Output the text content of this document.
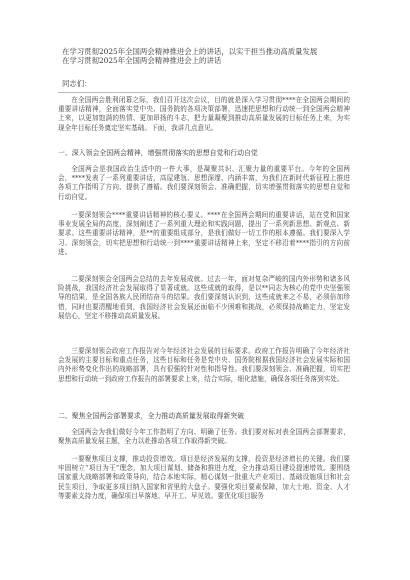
在学习贯彻2025年全国两会精神推进会上的讲话，以实干担当推动高质量发展
在学习贯彻2025年全国两会精神推进会上的讲话
同志们：
在全国两会胜利闭幕之际，我们召开这次会议，目的就是深入学习贯彻****在全国两会期间的重要讲话精神，全面落实党中央、国务院的各项决策部署，迅速把思想和行动统一到全国两会精神上来，以更加饱满的热情、更加昂扬的斗志，把力量凝聚到推动高质量发展的目标任务上来，为实现全年目标任务奠定坚实基础。下面，我讲几点意见。
一、深入领会全国两会精神，增强贯彻落实的思想自觉和行动自觉
全国两会是我国政治生活中的一件大事，是凝聚共识、汇聚力量的重要平台。今年的全国两会，****发表了一系列重要讲话，高屋建瓴、思想深邃、内涵丰富，为我们在新时代新征程上推进各项工作指明了方向、提供了遵循。我们要深刻领会、准确把握，切实增强贯彻落实的思想自觉和行动自觉。
一要深刻领会****重要讲话精神的核心要义。****在全国两会期间的重要讲话，站在党和国家事业发展全局的高度，深刻阐述了一系列重大理论和实践问题，提出了一系列新思想、新观点、新要求。这些重要讲话精神，是**的重要组成部分，是我们做好一切工作的根本遵循。我们要深入学习、深刻领会，切实把思想和行动统一到****重要讲话精神上来，坚定不移沿着****指引的方向前进。
二要深刻领会全国两会总结的去年发展成就。过去一年，面对复杂严峻的国内外形势和诸多风险挑战，我国经济社会发展取得了显著成就。这些成就的取得，是以**同志为核心的党中央坚强领导的结果，是全国各族人民团结奋斗的结果。我们要深刻认识到，这些成就来之不易，必须倍加珍惜，同时也要清醒地看到，我国经济社会发展还面临不少困难和挑战，必须保持战略定力，坚定发展信心，坚定不移推动高质量发展。
三要深刻领会政府工作报告对今年经济社会发展的目标要求。政府工作报告明确了今年经济社会发展的主要目标和重点任务，这些目标和任务是党中央、国务院根据我国经济社会发展实际和国内外形势变化作出的战略部署，具有很强的针对性和指导性。我们要深刻领会、准确把握，切实把思想和行动统一到政府工作报告的部署要求上来，结合实际，细化措施，确保各项任务落到实处。
二、聚焦全国两会部署要求，全力推动高质量发展取得新突破
全国两会为我们做好今年工作指明了方向、明确了任务。我们要对标对表全国两会部署要求，聚焦高质量发展主题，全力以赴推动各项工作取得新突破。
一要聚焦项目支撑，推动投资增效。项目是经济发展的支撑，投资是经济增长的关键。我们要牢固树立“项目为王”理念，加大项目谋划、储备和推进力度，全力推动项目建设提速增效。要围绕国家重大战略部署和政策导向，结合本地实际，精心谋划一批重大产业项目、基础设施项目和社会民生项目，争取更多项目纳入国家和省里的大盘子。要强化项目要素保障，加大土地、资金、人才等要素支持力度，确保项目早落地、早开工、早见效。要优化项目服务
